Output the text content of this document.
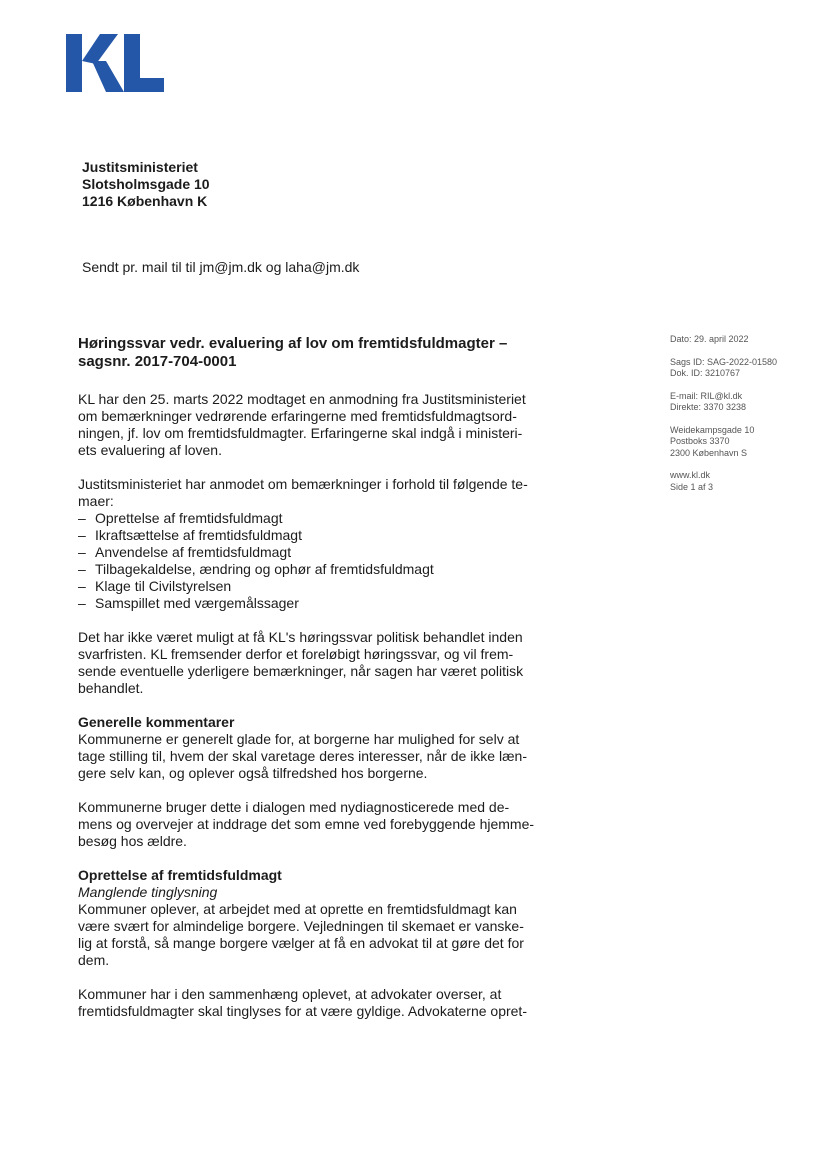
Justitsministeriet
Slotsholmsgade 10
1216 København K
Sendt pr. mail til til jm@jm.dk og laha@jm.dk
Dato: 29. april 2022
Sags ID: SAG-2022-01580
Dok. ID: 3210767
E-mail: RIL@kl.dk
Direkte: 3370 3238
Weidekampsgade 10
Postboks 3370
2300 København S
www.kl.dk
Side 1 af 3
Høringssvar vedr. evaluering af lov om fremtidsfuldmagter –
sagsnr. 2017-704-0001

KL har den 25. marts 2022 modtaget en anmodning fra Justitsministeriet
om bemærkninger vedrørende erfaringerne med fremtidsfuldmagtsord-
ningen, jf. lov om fremtidsfuldmagter. Erfaringerne skal indgå i ministeri-
ets evaluering af loven.

Justitsministeriet har anmodet om bemærkninger i forhold til følgende te-
maer:

– Oprettelse af fremtidsfuldmagt
– Ikraftsættelse af fremtidsfuldmagt
– Anvendelse af fremtidsfuldmagt
– Tilbagekaldelse, ændring og ophør af fremtidsfuldmagt
– Klage til Civilstyrelsen
– Samspillet med værgemålssager

Det har ikke været muligt at få KL's høringssvar politisk behandlet inden
svarfristen. KL fremsender derfor et foreløbigt høringssvar, og vil frem-
sende eventuelle yderligere bemærkninger, når sagen har været politisk
behandlet.

Generelle kommentarer
Kommunerne er generelt glade for, at borgerne har mulighed for selv at
tage stilling til, hvem der skal varetage deres interesser, når de ikke læn-
gere selv kan, og oplever også tilfredshed hos borgerne.

Kommunerne bruger dette i dialogen med nydiagnosticerede med de-
mens og overvejer at inddrage det som emne ved forebyggende hjemme-
besøg hos ældre.

Oprettelse af fremtidsfuldmagt
Manglende tinglysning
Kommuner oplever, at arbejdet med at oprette en fremtidsfuldmagt kan
være svært for almindelige borgere. Vejledningen til skemaet er vanske-
lig at forstå, så mange borgere vælger at få en advokat til at gøre det for
dem.

Kommuner har i den sammenhæng oplevet, at advokater overser, at
fremtidsfuldmagter skal tinglyses for at være gyldige. Advokaterne opret-
